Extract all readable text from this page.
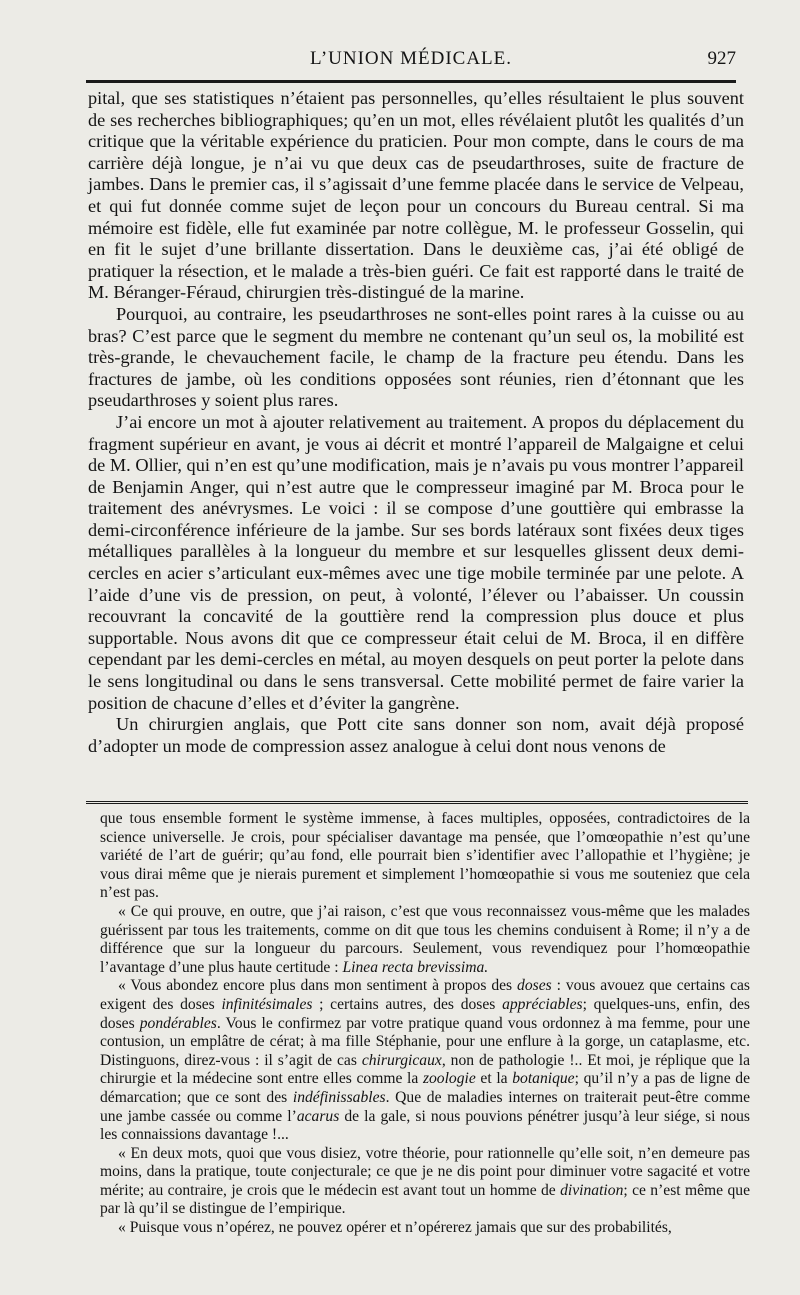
L’UNION MÉDICALE.	927

pital, que ses statistiques n’étaient pas personnelles, qu’elles résultaient le plus souvent de ses recherches bibliographiques; qu’en un mot, elles révélaient plutôt les qualités d’un critique que la véritable expérience du praticien. Pour mon compte, dans le cours de ma carrière déjà longue, je n’ai vu que deux cas de pseudarthroses, suite de fracture de jambes. Dans le premier cas, il s’agissait d’une femme placée dans le service de Velpeau, et qui fut donnée comme sujet de leçon pour un concours du Bureau central. Si ma mémoire est fidèle, elle fut examinée par notre collègue, M. le professeur Gosselin, qui en fit le sujet d’une brillante dissertation. Dans le deuxième cas, j’ai été obligé de pratiquer la résection, et le malade a très-bien guéri. Ce fait est rapporté dans le traité de M. Béranger-Féraud, chirurgien très-distingué de la marine.

Pourquoi, au contraire, les pseudarthroses ne sont-elles point rares à la cuisse ou au bras? C’est parce que le segment du membre ne contenant qu’un seul os, la mobilité est très-grande, le chevauchement facile, le champ de la fracture peu étendu. Dans les fractures de jambe, où les conditions opposées sont réunies, rien d’étonnant que les pseudarthroses y soient plus rares.

J’ai encore un mot à ajouter relativement au traitement. A propos du déplacement du fragment supérieur en avant, je vous ai décrit et montré l’appareil de Malgaigne et celui de M. Ollier, qui n’en est qu’une modification, mais je n’avais pu vous montrer l’appareil de Benjamin Anger, qui n’est autre que le compresseur imaginé par M. Broca pour le traitement des anévrysmes. Le voici : il se compose d’une gouttière qui embrasse la demi-circonférence inférieure de la jambe. Sur ses bords latéraux sont fixées deux tiges métalliques parallèles à la longueur du membre et sur lesquelles glissent deux demi-cercles en acier s’articulant eux-mêmes avec une tige mobile terminée par une pelote. A l’aide d’une vis de pression, on peut, à volonté, l’élever ou l’abaisser. Un coussin recouvrant la concavité de la gouttière rend la compression plus douce et plus supportable. Nous avons dit que ce compresseur était celui de M. Broca, il en diffère cependant par les demi-cercles en métal, au moyen desquels on peut porter la pelote dans le sens longitudinal ou dans le sens transversal. Cette mobilité permet de faire varier la position de chacune d’elles et d’éviter la gangrène.

Un chirurgien anglais, que Pott cite sans donner son nom, avait déjà proposé d’adopter un mode de compression assez analogue à celui dont nous venons de

que tous ensemble forment le système immense, à faces multiples, opposées, contradictoires de la science universelle. Je crois, pour spécialiser davantage ma pensée, que l’omœopathie n’est qu’une variété de l’art de guérir; qu’au fond, elle pourrait bien s’identifier avec l’allopathie et l’hygiène; je vous dirai même que je nierais purement et simplement l’homœopathie si vous me souteniez que cela n’est pas.

« Ce qui prouve, en outre, que j’ai raison, c’est que vous reconnaissez vous-même que les malades guérissent par tous les traitements, comme on dit que tous les chemins conduisent à Rome; il n’y a de différence que sur la longueur du parcours. Seulement, vous revendiquez pour l’homœopathie l’avantage d’une plus haute certitude : Linea recta brevissima.

« Vous abondez encore plus dans mon sentiment à propos des doses : vous avouez que certains cas exigent des doses infinitésimales ; certains autres, des doses appréciables; quelques-uns, enfin, des doses pondérables. Vous le confirmez par votre pratique quand vous ordonnez à ma femme, pour une contusion, un emplâtre de cérat; à ma fille Stéphanie, pour une enflure à la gorge, un cataplasme, etc. Distinguons, direz-vous : il s’agit de cas chirurgicaux, non de pathologie !.. Et moi, je réplique que la chirurgie et la médecine sont entre elles comme la zoologie et la botanique; qu’il n’y a pas de ligne de démarcation; que ce sont des indéfinissables. Que de maladies internes on traiterait peut-être comme une jambe cassée ou comme l’acarus de la gale, si nous pouvions pénétrer jusqu’à leur siége, si nous les connaissions davantage !...

« En deux mots, quoi que vous disiez, votre théorie, pour rationnelle qu’elle soit, n’en demeure pas moins, dans la pratique, toute conjecturale; ce que je ne dis point pour diminuer votre sagacité et votre mérite; au contraire, je crois que le médecin est avant tout un homme de divination; ce n’est même que par là qu’il se distingue de l’empirique.

« Puisque vous n’opérez, ne pouvez opérer et n’opérerez jamais que sur des probabilités,
